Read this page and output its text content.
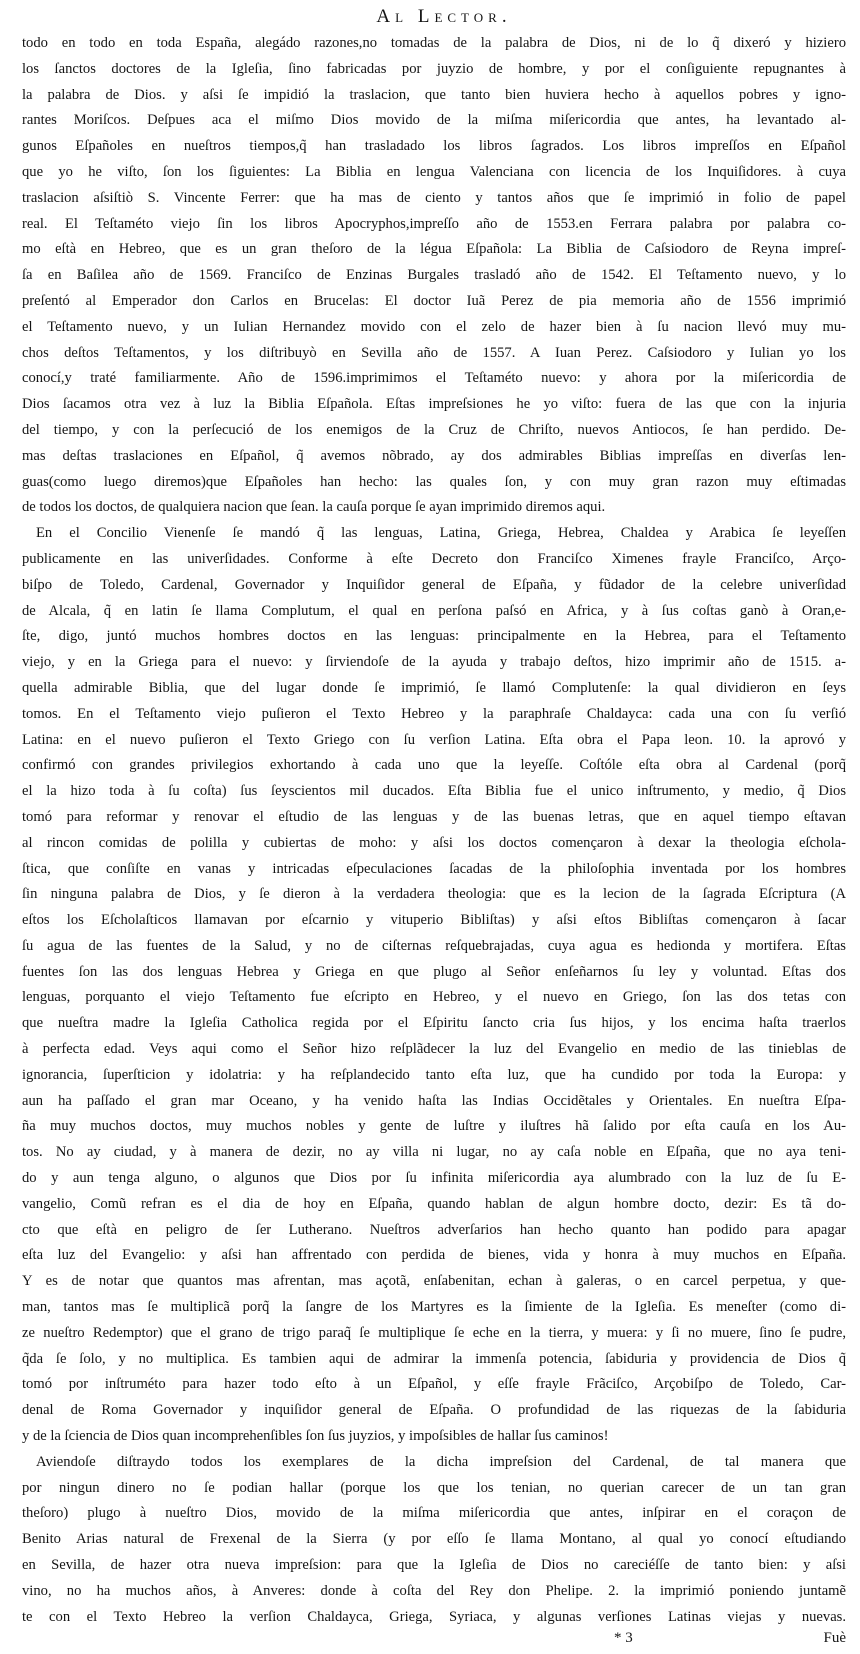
Al Lector.
todo en todo en toda España, alegádo razones,no tomadas de la palabra de Dios, ni de lo q̃ dixeró y hiziero
los ſanctos doctores de la Igleſia, ſino fabricadas por juyzio de hombre, y por el conſiguiente repugnantes à
la palabra de Dios. y aſsi ſe impidió la traslacion, que tanto bien huviera hecho à aquellos pobres y igno-
rantes Moriſcos. Deſpues aca el miſmo Dios movido de la miſma miſericordia que antes, ha levantado al-
gunos Eſpañoles en nueſtros tiempos,q̃ han trasladado los libros ſagrados. Los libros impreſſos en Eſpañol
que yo he viſto, ſon los ſiguientes: La Biblia en lengua Valenciana con licencia de los Inquiſidores. à cuya
traslacion aſsiſtiò S. Vincente Ferrer: que ha mas de ciento y tantos años que ſe imprimió in folio de papel
real. El Teſtaméto viejo ſin los libros Apocryphos,impreſſo año de 1553.en Ferrara palabra por palabra co-
mo eſtà en Hebreo, que es un gran theſoro de la légua Eſpañola: La Biblia de Caſsiodoro de Reyna impreſ-
ſa en Baſilea año de 1569. Franciſco de Enzinas Burgales trasladó año de 1542. El Teſtamento nuevo, y lo
preſentó al Emperador don Carlos en Brucelas: El doctor Iuã Perez de pia memoria año de 1556 imprimió
el Teſtamento nuevo, y un Iulian Hernandez movido con el zelo de hazer bien à ſu nacion llevó muy mu-
chos deſtos Teſtamentos, y los diſtribuyò en Sevilla año de 1557. A Iuan Perez. Caſsiodoro y Iulian yo los
conocí,y traté familiarmente. Año de 1596.imprimimos el Teſtaméto nuevo: y ahora por la miſericordia de
Dios ſacamos otra vez à luz la Biblia Eſpañola. Eſtas impreſsiones he yo viſto: fuera de las que con la injuria
del tiempo, y con la perſecució de los enemigos de la Cruz de Chriſto, nuevos Antiocos, ſe han perdido. De-
mas deſtas traslaciones en Eſpañol, q̃ avemos nõbrado, ay dos admirables Biblias impreſſas en diverſas len-
guas(como luego diremos)que Eſpañoles han hecho: las quales ſon, y con muy gran razon muy eſtimadas
de todos los doctos, de qualquiera nacion que ſean. la cauſa porque ſe ayan imprimido diremos aqui.
En el Concilio Vienenſe ſe mandó q̃ las lenguas, Latina, Griega, Hebrea, Chaldea y Arabica ſe leyeſſen
publicamente en las univerſidades. Conforme à eſte Decreto don Franciſco Ximenes frayle Franciſco, Arço-
biſpo de Toledo, Cardenal, Governador y Inquiſidor general de Eſpaña, y fũdador de la celebre univerſidad
de Alcala, q̃ en latin ſe llama Complutum, el qual en perſona paſsó en Africa, y à ſus coſtas ganò à Oran,e-
ſte, digo, juntó muchos hombres doctos en las lenguas: principalmente en la Hebrea, para el Teſtamento
viejo, y en la Griega para el nuevo: y ſirviendoſe de la ayuda y trabajo deſtos, hizo imprimir año de 1515. a-
quella admirable Biblia, que del lugar donde ſe imprimió, ſe llamó Complutenſe: la qual dividieron en ſeys
tomos. En el Teſtamento viejo puſieron el Texto Hebreo y la paraphraſe Chaldayca: cada una con ſu verſió
Latina: en el nuevo puſieron el Texto Griego con ſu verſion Latina. Eſta obra el Papa leon. 10. la aprovó y
confirmó con grandes privilegios exhortando à cada uno que la leyeſſe. Coſtóle eſta obra al Cardenal (porq̃
el la hizo toda à ſu coſta) ſus ſeyscientos mil ducados. Eſta Biblia fue el unico inſtrumento, y medio, q̃ Dios
tomó para reformar y renovar el eſtudio de las lenguas y de las buenas letras, que en aquel tiempo eſtavan
al rincon comidas de polilla y cubiertas de moho: y aſsi los doctos començaron à dexar la theologia eſchola-
ſtica, que conſiſte en vanas y intricadas eſpeculaciones ſacadas de la philoſophia inventada por los hombres
ſin ninguna palabra de Dios, y ſe dieron à la verdadera theologia: que es la lecion de la ſagrada Eſcriptura (A
eſtos los Eſcholaſticos llamavan por eſcarnio y vituperio Bibliſtas) y aſsi eſtos Bibliſtas començaron à ſacar
ſu agua de las fuentes de la Salud, y no de ciſternas reſquebrajadas, cuya agua es hedionda y mortifera. Eſtas
fuentes ſon las dos lenguas Hebrea y Griega en que plugo al Señor enſeñarnos ſu ley y voluntad. Eſtas dos
lenguas, porquanto el viejo Teſtamento fue eſcripto en Hebreo, y el nuevo en Griego, ſon las dos tetas con
que nueſtra madre la Igleſia Catholica regida por el Eſpiritu ſancto cria ſus hijos, y los encima haſta traerlos
à perfecta edad. Veys aqui como el Señor hizo reſplãdecer la luz del Evangelio en medio de las tinieblas de
ignorancia, ſuperſticion y idolatria: y ha reſplandecido tanto eſta luz, que ha cundido por toda la Europa: y
aun ha paſſado el gran mar Oceano, y ha venido haſta las Indias Occidẽtales y Orientales. En nueſtra Eſpa-
ña muy muchos doctos, muy muchos nobles y gente de luſtre y iluſtres hã ſalido por eſta cauſa en los Au-
tos. No ay ciudad, y à manera de dezir, no ay villa ni lugar, no ay caſa noble en Eſpaña, que no aya teni-
do y aun tenga alguno, o algunos que Dios por ſu infinita miſericordia aya alumbrado con la luz de ſu E-
vangelio, Comũ refran es el dia de hoy en Eſpaña, quando hablan de algun hombre docto, dezir: Es tã do-
cto que eſtà en peligro de ſer Lutherano. Nueſtros adverſarios han hecho quanto han podido para apagar
eſta luz del Evangelio: y aſsi han affrentado con perdida de bienes, vida y honra à muy muchos en Eſpaña.
Y es de notar que quantos mas afrentan, mas açotã, enſabenitan, echan à galeras, o en carcel perpetua, y que-
man, tantos mas ſe multiplicã porq̃ la ſangre de los Martyres es la ſimiente de la Igleſia. Es meneſter (como di-
ze nueſtro Redemptor) que el grano de trigo paraq̃ ſe multiplique ſe eche en la tierra, y muera: y ſi no muere, ſino ſe pudre,
q̃da ſe ſolo, y no multiplica. Es tambien aqui de admirar la immenſa potencia, ſabiduria y providencia de Dios q̃
tomó por inſtruméto para hazer todo eſto à un Eſpañol, y eſſe frayle Frãciſco, Arçobiſpo de Toledo, Car-
denal de Roma Governador y inquiſidor general de Eſpaña. O profundidad de las riquezas de la ſabiduria
y de la ſciencia de Dios quan incomprehenſibles ſon ſus juyzios, y impoſsibles de hallar ſus caminos!
Aviendoſe diſtraydo todos los exemplares de la dicha impreſsion del Cardenal, de tal manera que
por ningun dinero no ſe podian hallar (porque los que los tenian, no querian carecer de un tan gran
theſoro) plugo à nueſtro Dios, movido de la miſma miſericordia que antes, inſpirar en el coraçon de
Benito Arias natural de Frexenal de la Sierra (y por eſſo ſe llama Montano, al qual yo conocí eſtudiando
en Sevilla, de hazer otra nueva impreſsion: para que la Igleſia de Dios no careciéſſe de tanto bien: y aſsi
vino, no ha muchos años, à Anveres: donde à coſta del Rey don Phelipe. 2. la imprimió poniendo juntamẽ
te con el Texto Hebreo la verſion Chaldayca, Griega, Syriaca, y algunas verſiones Latinas viejas y nuevas.
* 3	Fuè
